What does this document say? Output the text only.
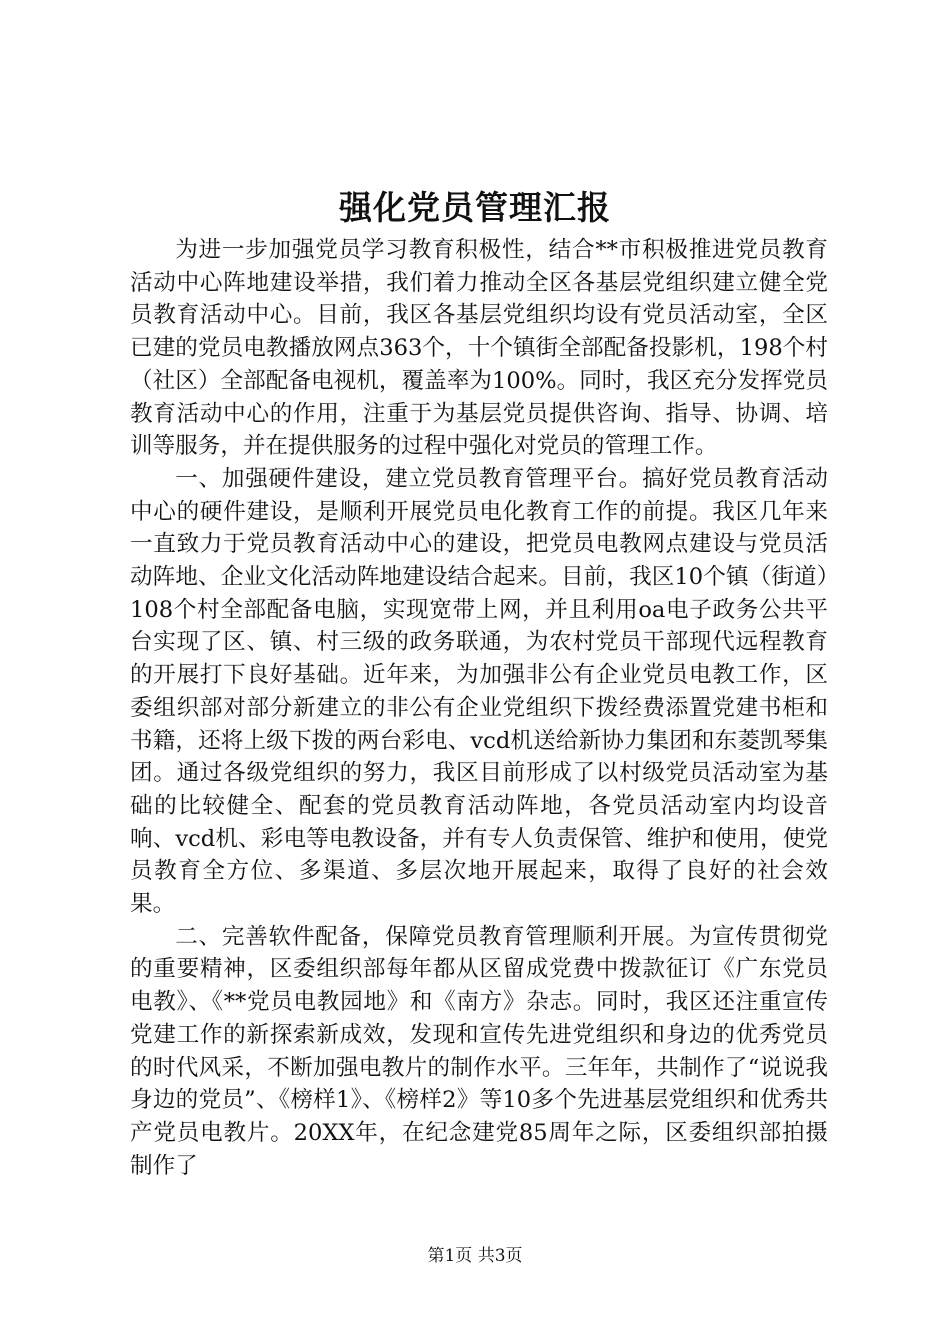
强化党员管理汇报

为进一步加强党员学习教育积极性，结合**市积极推进党员教育活动中心阵地建设举措，我们着力推动全区各基层党组织建立健全党员教育活动中心。目前，我区各基层党组织均设有党员活动室，全区已建的党员电教播放网点363个，十个镇街全部配备投影机，198个村（社区）全部配备电视机，覆盖率为100%。同时，我区充分发挥党员教育活动中心的作用，注重于为基层党员提供咨询、指导、协调、培训等服务，并在提供服务的过程中强化对党员的管理工作。

一、加强硬件建设，建立党员教育管理平台。搞好党员教育活动中心的硬件建设，是顺利开展党员电化教育工作的前提。我区几年来一直致力于党员教育活动中心的建设，把党员电教网点建设与党员活动阵地、企业文化活动阵地建设结合起来。目前，我区10个镇（街道）108个村全部配备电脑，实现宽带上网，并且利用oa电子政务公共平台实现了区、镇、村三级的政务联通，为农村党员干部现代远程教育的开展打下良好基础。近年来，为加强非公有企业党员电教工作，区委组织部对部分新建立的非公有企业党组织下拨经费添置党建书柜和书籍，还将上级下拨的两台彩电、vcd机送给新协力集团和东菱凯琴集团。通过各级党组织的努力，我区目前形成了以村级党员活动室为基础的比较健全、配套的党员教育活动阵地，各党员活动室内均设音响、vcd机、彩电等电教设备，并有专人负责保管、维护和使用，使党员教育全方位、多渠道、多层次地开展起来，取得了良好的社会效果。

二、完善软件配备，保障党员教育管理顺利开展。为宣传贯彻党的重要精神，区委组织部每年都从区留成党费中拨款征订《广东党员电教》、《**党员电教园地》和《南方》杂志。同时，我区还注重宣传党建工作的新探索新成效，发现和宣传先进党组织和身边的优秀党员的时代风采，不断加强电教片的制作水平。三年年，共制作了“说说我身边的党员”、《榜样1》、《榜样2》等10多个先进基层党组织和优秀共产党员电教片。20XX年，在纪念建党85周年之际，区委组织部拍摄制作了

第1页 共3页
